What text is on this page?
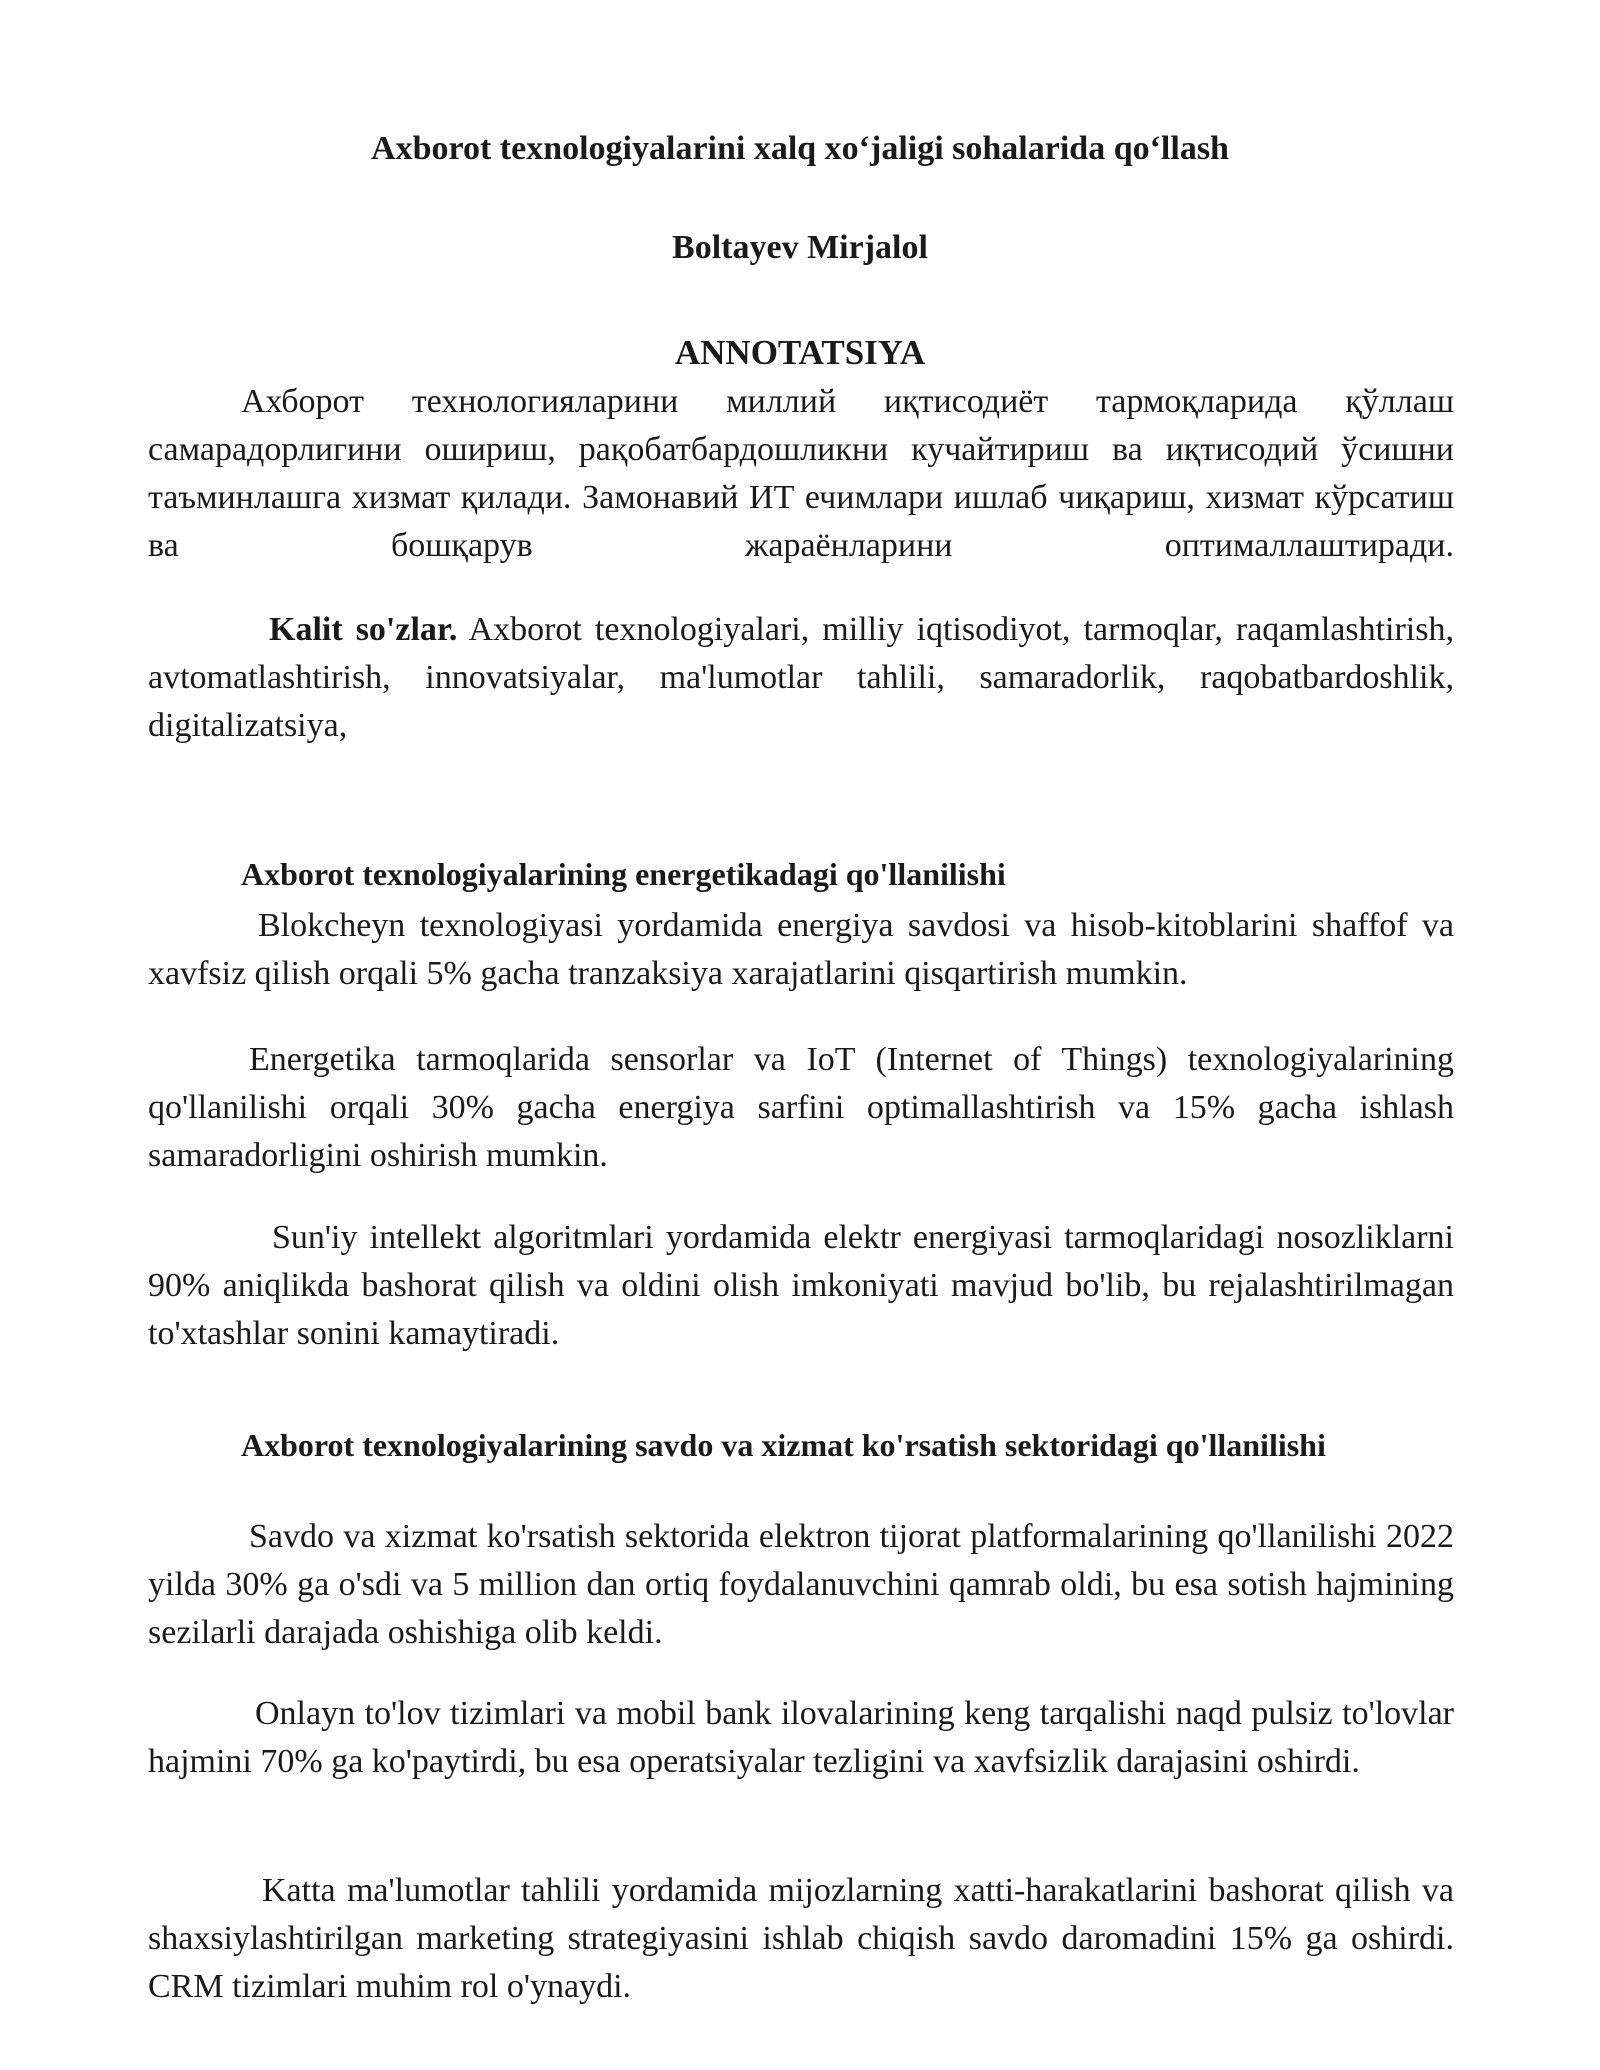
Axborot texnologiyalarini xalq xo‘jaligi sohalarida qo‘llash
Boltayev Mirjalol
ANNOTATSIYA
Ахборот технологияларини миллий иқтисодиёт тармоқларида қўллаш самарадорлигини ошириш, рақобатбардошликни кучайтириш ва иқтисодий ўсишни таъминлашга хизмат қилади. Замонавий ИТ ечимлари ишлаб чиқариш, хизмат кўрсатиш ва бошқарув жараёнларини оптималлаштиради.
Kalit so'zlar. Axborot texnologiyalari, milliy iqtisodiyot, tarmoqlar, raqamlashtirish, avtomatlashtirish, innovatsiyalar, ma'lumotlar tahlili, samaradorlik, raqobatbardoshlik, digitalizatsiya,
Axborot texnologiyalarining energetikadagi qo'llanilishi
Blokcheyn texnologiyasi yordamida energiya savdosi va hisob-kitoblarini shaffof va xavfsiz qilish orqali 5% gacha tranzaksiya xarajatlarini qisqartirish mumkin.
Energetika tarmoqlarida sensorlar va IoT (Internet of Things) texnologiyalarining qo'llanilishi orqali 30% gacha energiya sarfini optimallashtirish va 15% gacha ishlash samaradorligini oshirish mumkin.
Sun'iy intellekt algoritmlari yordamida elektr energiyasi tarmoqlaridagi nosozliklarni 90% aniqlikda bashorat qilish va oldini olish imkoniyati mavjud bo'lib, bu rejalashtirilmagan to'xtashlar sonini kamaytiradi.
Axborot texnologiyalarining savdo va xizmat ko'rsatish sektoridagi qo'llanilishi
Savdo va xizmat ko'rsatish sektorida elektron tijorat platformalarining qo'llanilishi 2022 yilda 30% ga o'sdi va 5 million dan ortiq foydalanuvchini qamrab oldi, bu esa sotish hajmining sezilarli darajada oshishiga olib keldi.
Onlayn to'lov tizimlari va mobil bank ilovalarining keng tarqalishi naqd pulsiz to'lovlar hajmini 70% ga ko'paytirdi, bu esa operatsiyalar tezligini va xavfsizlik darajasini oshirdi.
Katta ma'lumotlar tahlili yordamida mijozlarning xatti-harakatlarini bashorat qilish va shaxsiylashtirilgan marketing strategiyasini ishlab chiqish savdo daromadini 15% ga oshirdi. CRM tizimlari muhim rol o'ynaydi.
